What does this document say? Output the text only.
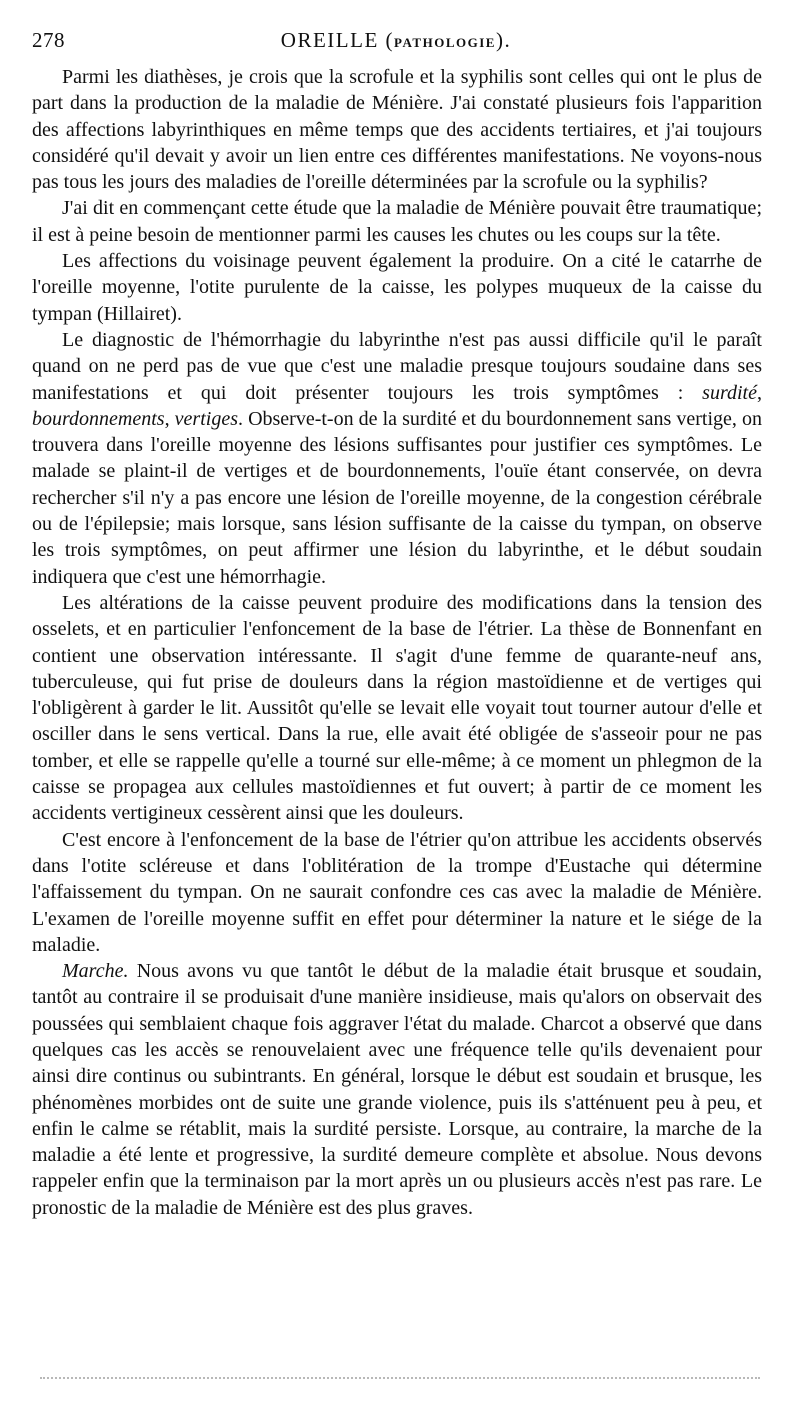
278	OREILLE (PATHOLOGIE).

Parmi les diathèses, je crois que la scrofule et la syphilis sont celles qui ont le plus de part dans la production de la maladie de Ménière. J'ai constaté plusieurs fois l'apparition des affections labyrinthiques en même temps que des accidents tertiaires, et j'ai toujours considéré qu'il devait y avoir un lien entre ces différentes manifestations. Ne voyons-nous pas tous les jours des maladies de l'oreille déterminées par la scrofule ou la syphilis?

J'ai dit en commençant cette étude que la maladie de Ménière pouvait être traumatique; il est à peine besoin de mentionner parmi les causes les chutes ou les coups sur la tête.

Les affections du voisinage peuvent également la produire. On a cité le catarrhe de l'oreille moyenne, l'otite purulente de la caisse, les polypes muqueux de la caisse du tympan (Hillairet).

Le diagnostic de l'hémorrhagie du labyrinthe n'est pas aussi difficile qu'il le paraît quand on ne perd pas de vue que c'est une maladie presque toujours soudaine dans ses manifestations et qui doit présenter toujours les trois symptômes : surdité, bourdonnements, vertiges. Observe-t-on de la surdité et du bourdonnement sans vertige, on trouvera dans l'oreille moyenne des lésions suffisantes pour justifier ces symptômes. Le malade se plaint-il de vertiges et de bourdonnements, l'ouïe étant conservée, on devra rechercher s'il n'y a pas encore une lésion de l'oreille moyenne, de la congestion cérébrale ou de l'épilepsie; mais lorsque, sans lésion suffisante de la caisse du tympan, on observe les trois symptômes, on peut affirmer une lésion du labyrinthe, et le début soudain indiquera que c'est une hémorrhagie.

Les altérations de la caisse peuvent produire des modifications dans la tension des osselets, et en particulier l'enfoncement de la base de l'étrier. La thèse de Bonnenfant en contient une observation intéressante. Il s'agit d'une femme de quarante-neuf ans, tuberculeuse, qui fut prise de douleurs dans la région mastoïdienne et de vertiges qui l'obligèrent à garder le lit. Aussitôt qu'elle se levait elle voyait tout tourner autour d'elle et osciller dans le sens vertical. Dans la rue, elle avait été obligée de s'asseoir pour ne pas tomber, et elle se rappelle qu'elle a tourné sur elle-même; à ce moment un phlegmon de la caisse se propagea aux cellules mastoïdiennes et fut ouvert; à partir de ce moment les accidents vertigineux cessèrent ainsi que les douleurs.

C'est encore à l'enfoncement de la base de l'étrier qu'on attribue les accidents observés dans l'otite scléreuse et dans l'oblitération de la trompe d'Eustache qui détermine l'affaissement du tympan. On ne saurait confondre ces cas avec la maladie de Ménière. L'examen de l'oreille moyenne suffit en effet pour déterminer la nature et le siége de la maladie.

Marche. Nous avons vu que tantôt le début de la maladie était brusque et soudain, tantôt au contraire il se produisait d'une manière insidieuse, mais qu'alors on observait des poussées qui semblaient chaque fois aggraver l'état du malade. Charcot a observé que dans quelques cas les accès se renouvelaient avec une fréquence telle qu'ils devenaient pour ainsi dire continus ou subintrants. En général, lorsque le début est soudain et brusque, les phénomènes morbides ont de suite une grande violence, puis ils s'atténuent peu à peu, et enfin le calme se rétablit, mais la surdité persiste. Lorsque, au contraire, la marche de la maladie a été lente et progressive, la surdité demeure complète et absolue. Nous devons rappeler enfin que la terminaison par la mort après un ou plusieurs accès n'est pas rare. Le pronostic de la maladie de Ménière est des plus graves.
